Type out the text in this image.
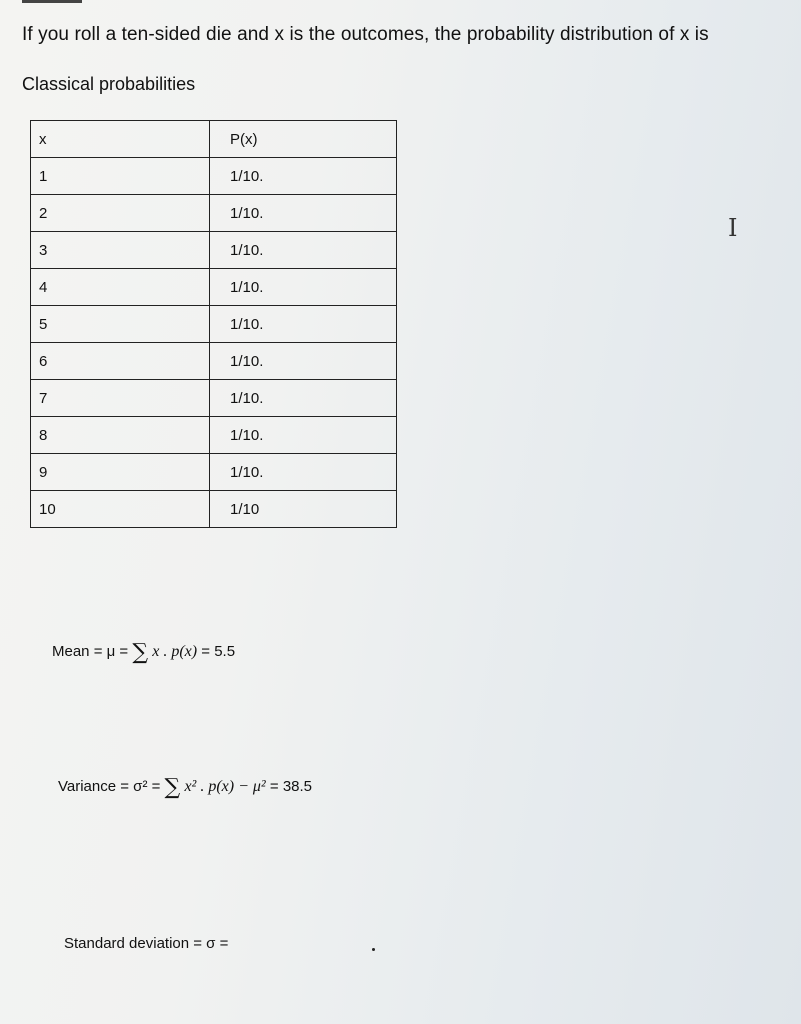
If you roll a ten-sided die and x is the outcomes, the probability distribution of x is
Classical probabilities
x	P(x)
1	1/10.
2	1/10.
3	1/10.
4	1/10.
5	1/10.
6	1/10.
7	1/10.
8	1/10.
9	1/10.
10	1/10
Mean = μ = ∑ x . p(x) = 5.5
Variance = σ² = ∑ x² . p(x) − μ² = 38.5
Standard deviation = σ =
I
